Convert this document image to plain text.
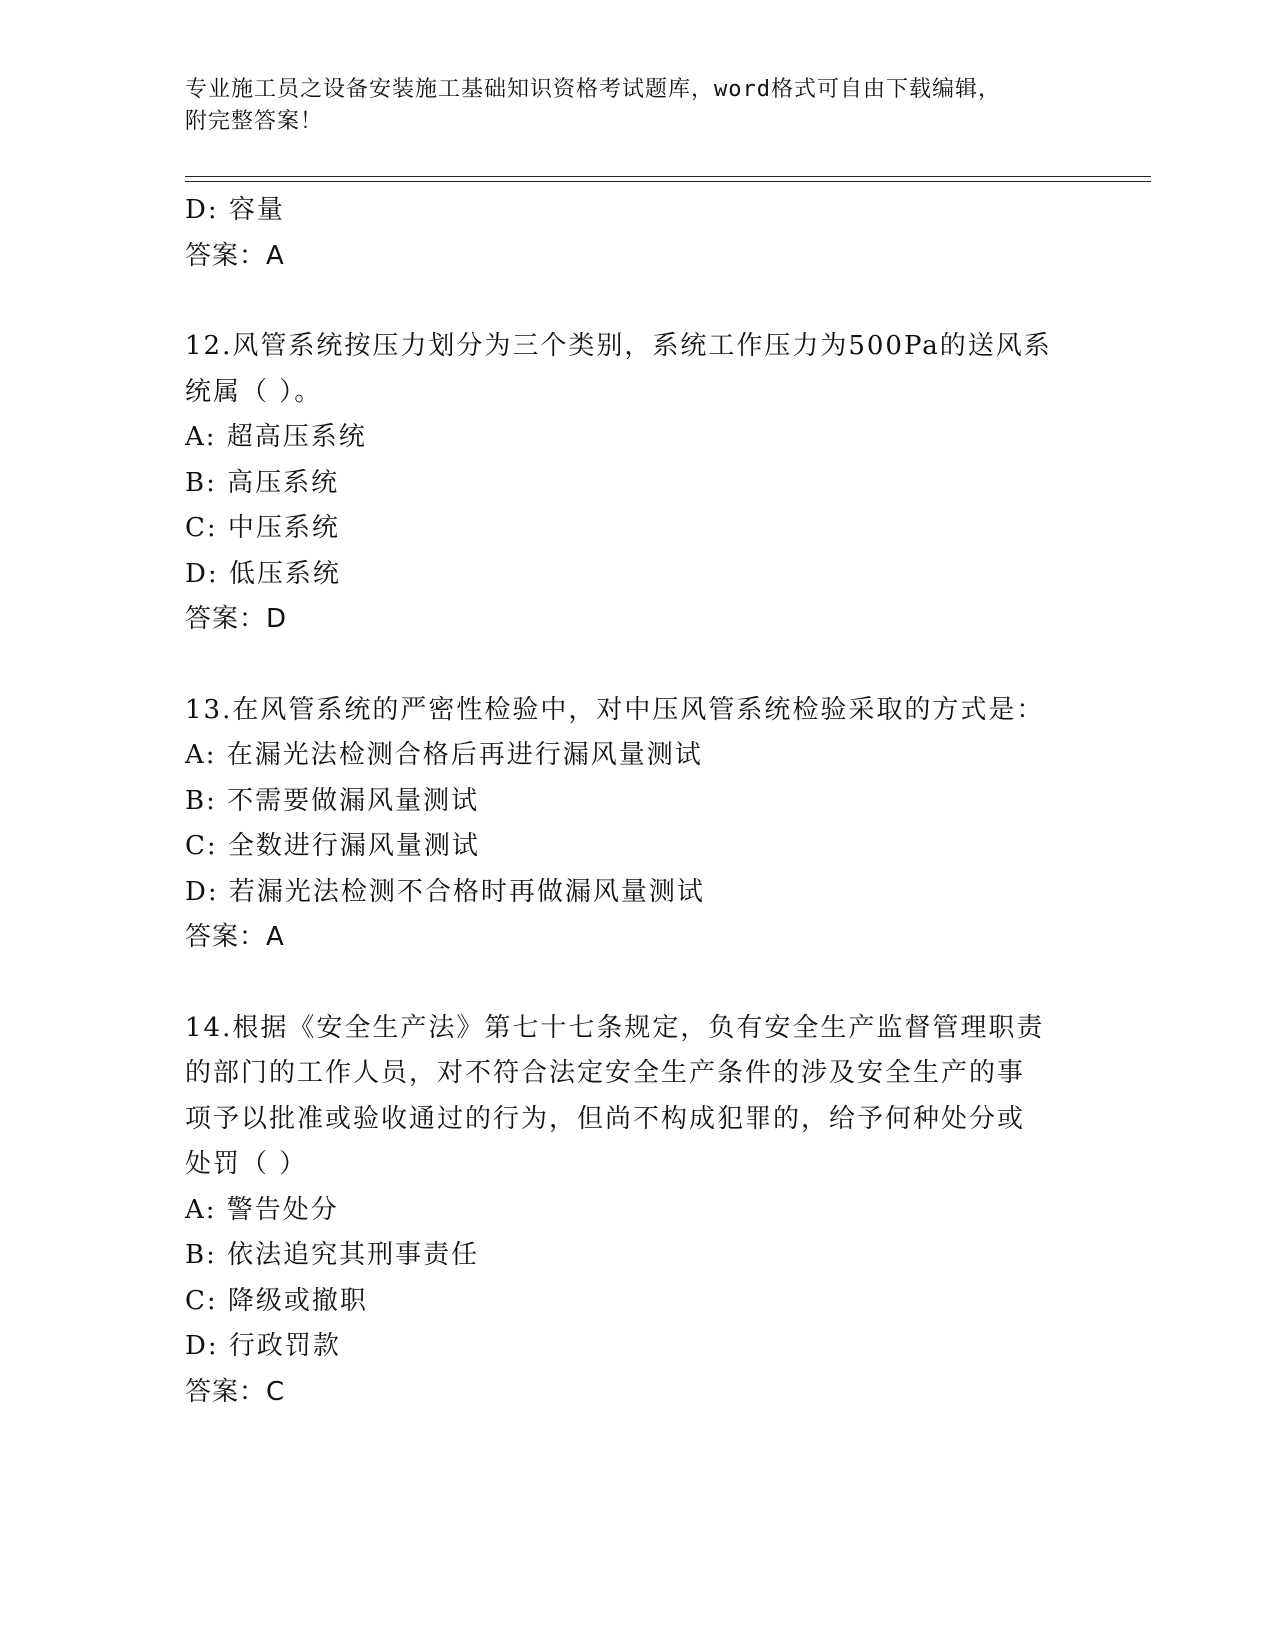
专业施工员之设备安装施工基础知识资格考试题库，word格式可自由下载编辑，
附完整答案！
D: 容量
答案：A
12.风管系统按压力划分为三个类别，系统工作压力为500Pa的送风系
统属（ ）。
A: 超高压系统
B: 高压系统
C: 中压系统
D: 低压系统
答案：D
13.在风管系统的严密性检验中，对中压风管系统检验采取的方式是：
A: 在漏光法检测合格后再进行漏风量测试
B: 不需要做漏风量测试
C: 全数进行漏风量测试
D: 若漏光法检测不合格时再做漏风量测试
答案：A
14.根据《安全生产法》第七十七条规定，负有安全生产监督管理职责
的部门的工作人员，对不符合法定安全生产条件的涉及安全生产的事
项予以批准或验收通过的行为，但尚不构成犯罪的，给予何种处分或
处罚（ ）
A: 警告处分
B: 依法追究其刑事责任
C: 降级或撤职
D: 行政罚款
答案：C
